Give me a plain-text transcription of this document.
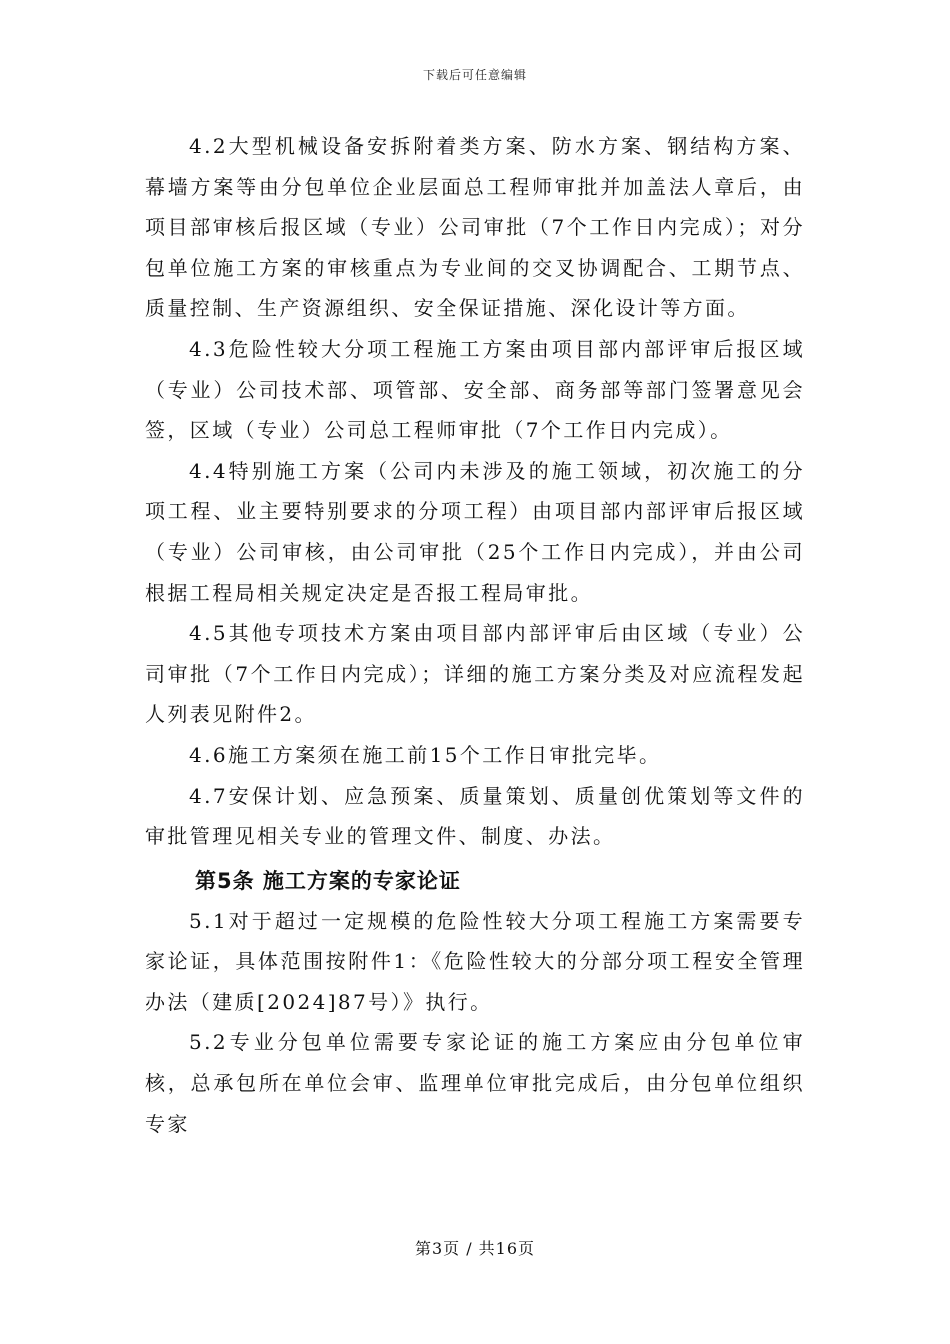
下载后可任意编辑

4.2大型机械设备安拆附着类方案、防水方案、钢结构方案、幕墙方案等由分包单位企业层面总工程师审批并加盖法人章后，由项目部审核后报区域（专业）公司审批（7个工作日内完成）；对分包单位施工方案的审核重点为专业间的交叉协调配合、工期节点、质量控制、生产资源组织、安全保证措施、深化设计等方面。

4.3危险性较大分项工程施工方案由项目部内部评审后报区域（专业）公司技术部、项管部、安全部、商务部等部门签署意见会签，区域（专业）公司总工程师审批（7个工作日内完成）。

4.4特别施工方案（公司内未涉及的施工领域，初次施工的分项工程、业主要特别要求的分项工程）由项目部内部评审后报区域（专业）公司审核，由公司审批（25个工作日内完成），并由公司根据工程局相关规定决定是否报工程局审批。

4.5其他专项技术方案由项目部内部评审后由区域（专业）公司审批（7个工作日内完成）；详细的施工方案分类及对应流程发起人列表见附件2。

4.6施工方案须在施工前15个工作日审批完毕。

4.7安保计划、应急预案、质量策划、质量创优策划等文件的审批管理见相关专业的管理文件、制度、办法。

第5条 施工方案的专家论证

5.1对于超过一定规模的危险性较大分项工程施工方案需要专家论证，具体范围按附件1：《危险性较大的分部分项工程安全管理办法（建质[2024]87号）》执行。

5.2专业分包单位需要专家论证的施工方案应由分包单位审核，总承包所在单位会审、监理单位审批完成后，由分包单位组织专家

第3页 / 共16页
